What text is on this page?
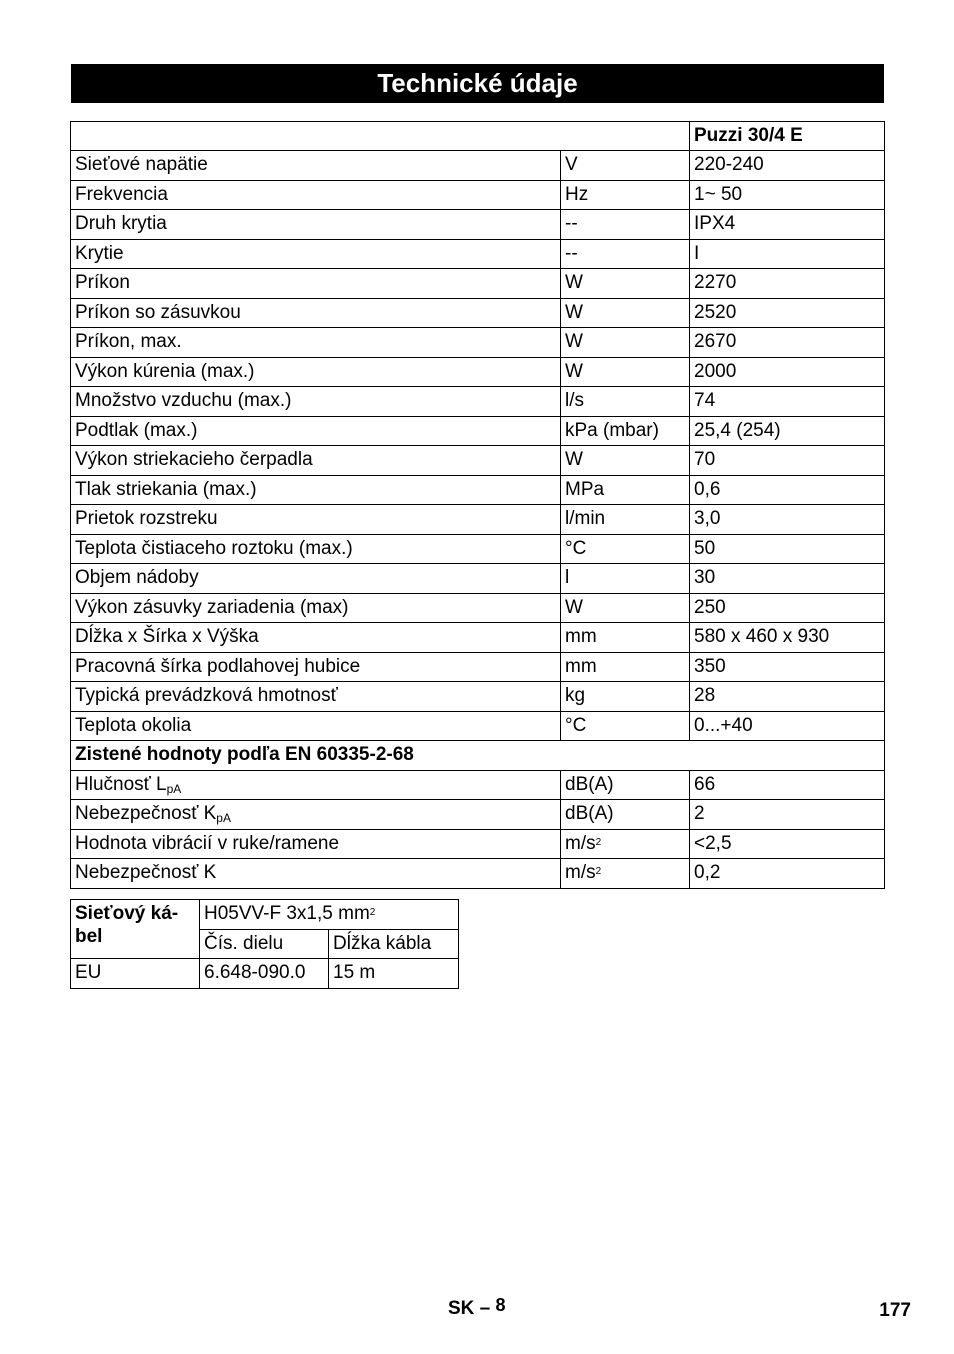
Technické údaje
		Puzzi 30/4 E
Sieťové napätie	V	220-240
Frekvencia	Hz	1~ 50
Druh krytia	--	IPX4
Krytie	--	I
Príkon	W	2270
Príkon so zásuvkou	W	2520
Príkon, max.	W	2670
Výkon kúrenia (max.)	W	2000
Množstvo vzduchu (max.)	l/s	74
Podtlak (max.)	kPa (mbar)	25,4 (254)
Výkon striekacieho čerpadla	W	70
Tlak striekania (max.)	MPa	0,6
Prietok rozstreku	l/min	3,0
Teplota čistiaceho roztoku (max.)	°C	50
Objem nádoby	l	30
Výkon zásuvky zariadenia (max)	W	250
Dĺžka x Šírka x Výška	mm	580 x 460 x 930
Pracovná šírka podlahovej hubice	mm	350
Typická prevádzková hmotnosť	kg	28
Teplota okolia	°C	0...+40
Zistené hodnoty podľa EN 60335-2-68		
Hlučnosť $L_{pA}$	dB(A)	66
Nebezpečnosť $K_{pA}$	dB(A)	2
Hodnota vibrácií v ruke/ramene	$m/s^2$	<2,5
Nebezpečnosť K	$m/s^2$	0,2
Sieťový ká-bel	H05VV-F 3x1,5 $mm^2$
	Čís. dielu	Dĺžka kábla
EU	6.648-090.0	15 m
SK – 8	177
